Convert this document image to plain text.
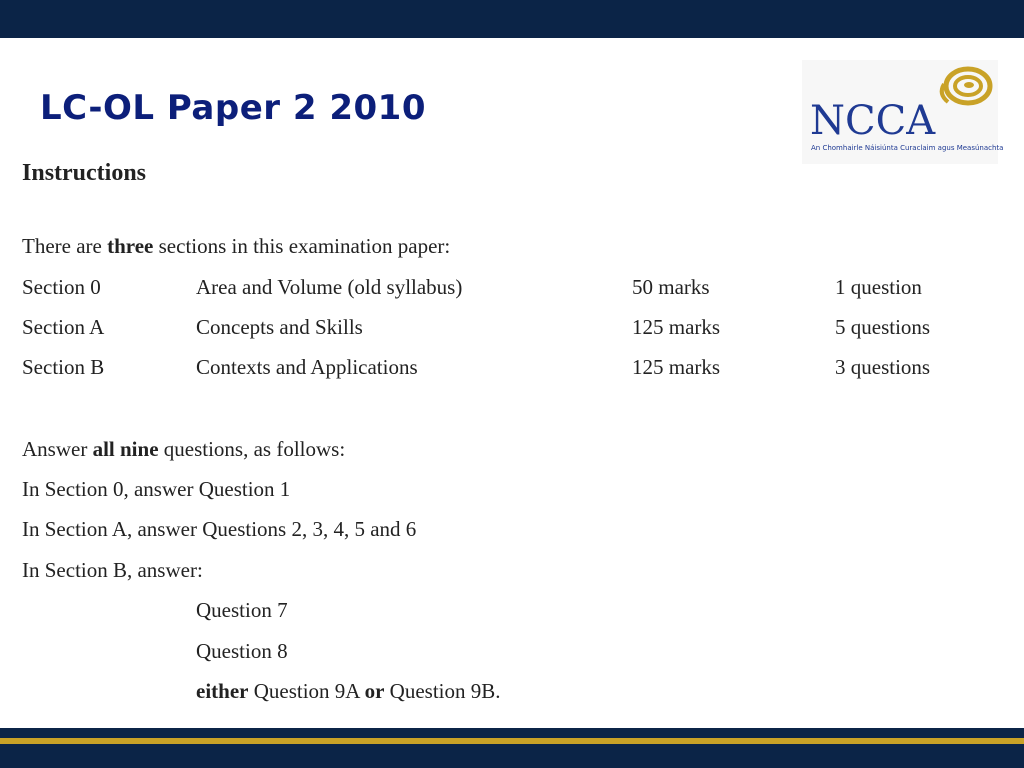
LC-OL Paper 2 2010	NCCA
An Chomhairle Náisiúnta Curaclaim agus Measúnachta
Instructions
There are three sections in this examination paper:
Section 0	Area and Volume (old syllabus)	50 marks	1 question
Section A	Concepts and Skills	125 marks	5 questions
Section B	Contexts and Applications	125 marks	3 questions
Answer all nine questions, as follows:
In Section 0, answer Question 1
In Section A, answer Questions 2, 3, 4, 5 and 6
In Section B, answer:
Question 7
Question 8
either Question 9A or Question 9B.
